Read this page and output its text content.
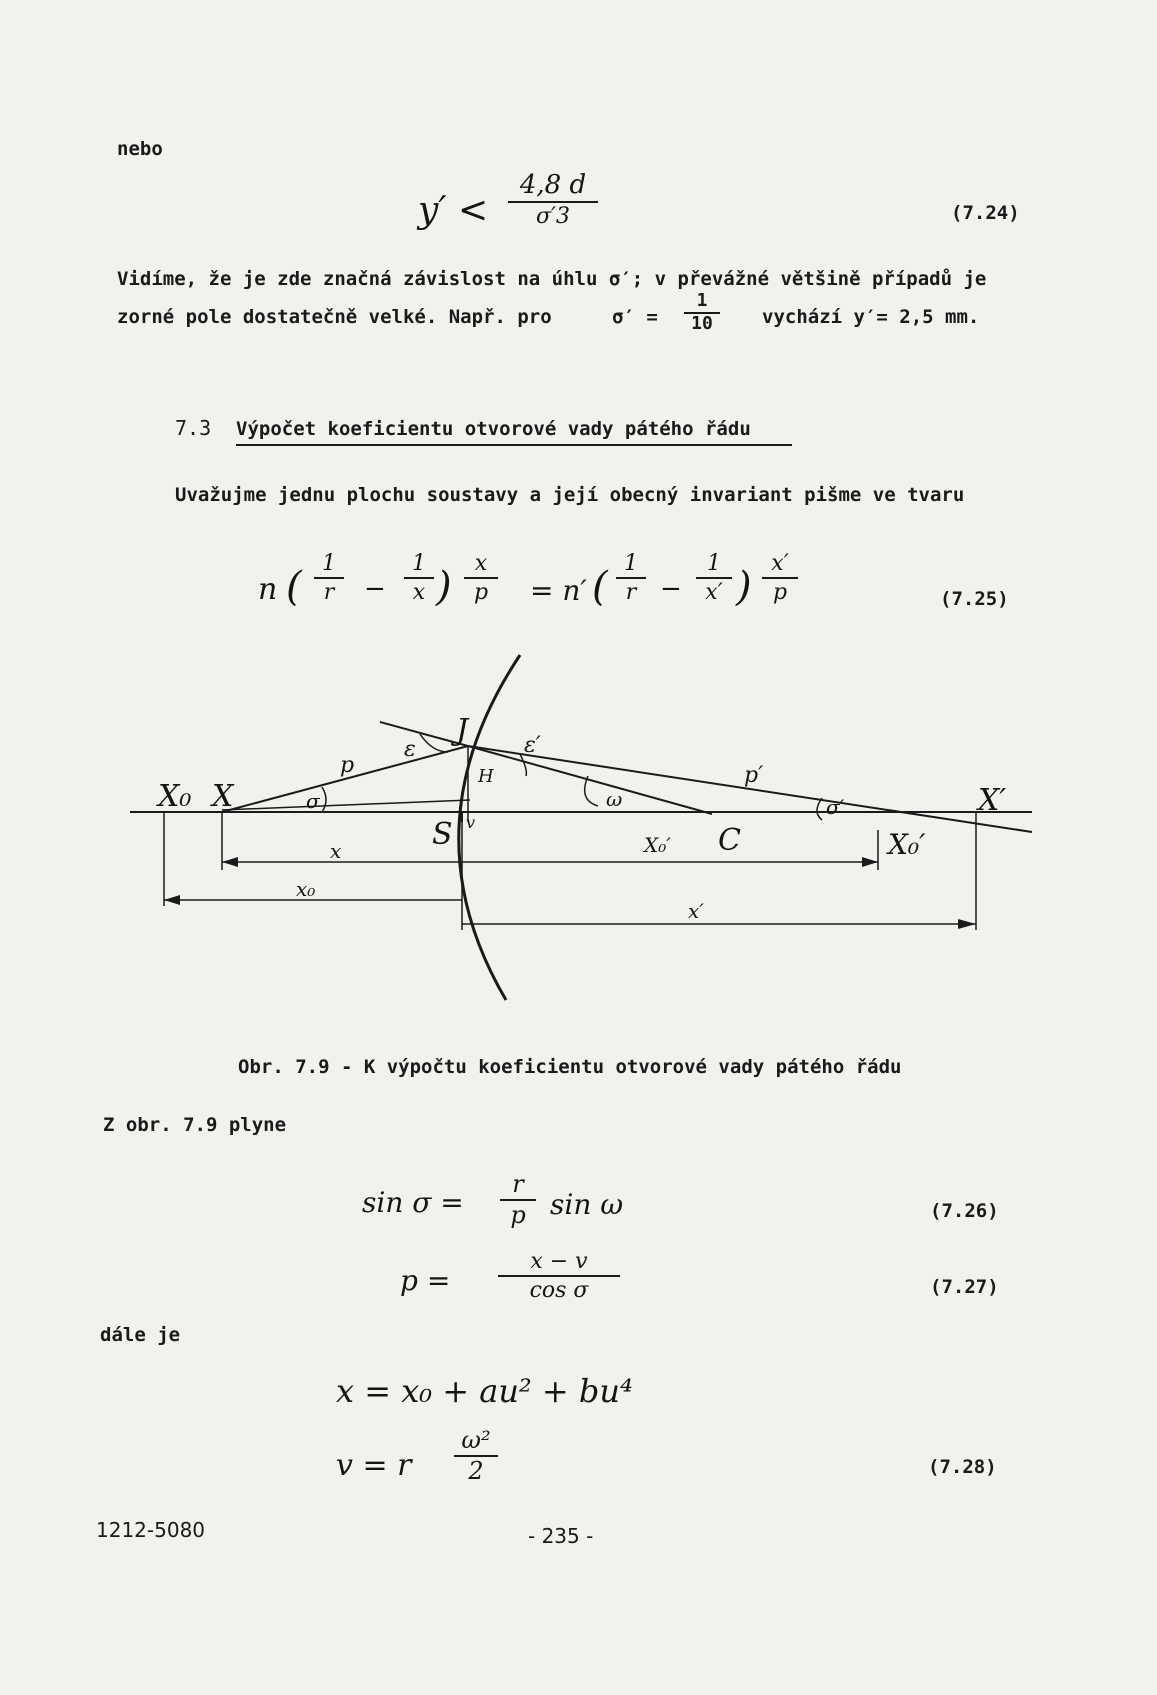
nebo
y′ <
4,8 d
σ′3	(7.24)
Vidíme, že je zde značná závislost na úhlu σ′; v převážné většině případů je
zorné pole dostatečně velké. Např. pro	σ′ =
1
10	vychází y′= 2,5 mm.
7.3 Výpočet koeficientu otvorové vady pátého řádu
Uvažujme jednu plochu soustavy a její obecný invariant pišme ve tvaru
n (
1
r	−
1
x )
x
p	= n′ (
1
r −
1
x′ )
x′
p	(7.25)
X₀ X
J
ε	ε′
p	p′
H
σ	ω	σ′	X′
S v
x	X₀′ C	X₀′
x₀
x′
Obr. 7.9 - K výpočtu koeficientu otvorové vady pátého řádu
Z obr. 7.9 plyne
sin σ =
r
p sin ω	(7.26)
p =
x − v
cos σ	(7.27)
dále je
x = x₀ + au² + bu⁴
v = r
ω²
2	(7.28)
1212-5080	- 235 -
